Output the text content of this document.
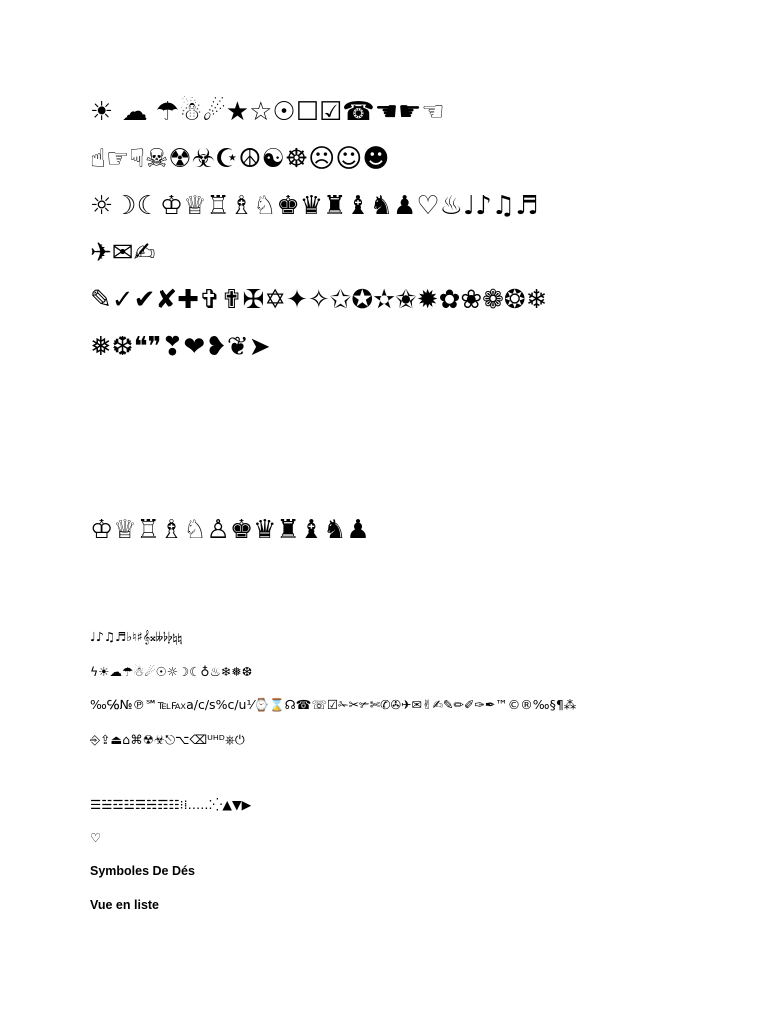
☀ ☁ ☂☃☄★☆☉☐☑☎☚☛☜
☝☞☟☠☢☣☪☮☯☸☹☺☻
☼☽☾♔♕♖♗♘♚♛♜♝♞♟♡♨♩♪♫♬
✈✉✍
✎✓✔✘✚✞✟✠✡✦✧✩✪✫✬✹✿❀❁❂❄
❅❆❝❞❣❤❥❦➤
♔♕♖♗♘♙♚♛♜♝♞♟
♩♪♫♬♭♮♯𝄞𝄪𝄫𝄬𝄭𝄮𝄯
ϟ☀☁☂☃☄☉☼☽☾♁♨❄❅❆
‰℅№℗℠℡℻a/c/s%c/u⅟⌚⌛☊☎☏☑✁✂✃✄✆✇✈✉✌✍✎✏✐✑✒™©®‰§¶⁂
⎆⇪⏏⌂⌘☢☣⎋⌥⌫ᵁᴴᴰ⎈⏻
☰☱☲☳☴☵☶☷⁝⁞‥…⁚⁛▲▼▶
♡
Symboles De Dés
Vue en liste
